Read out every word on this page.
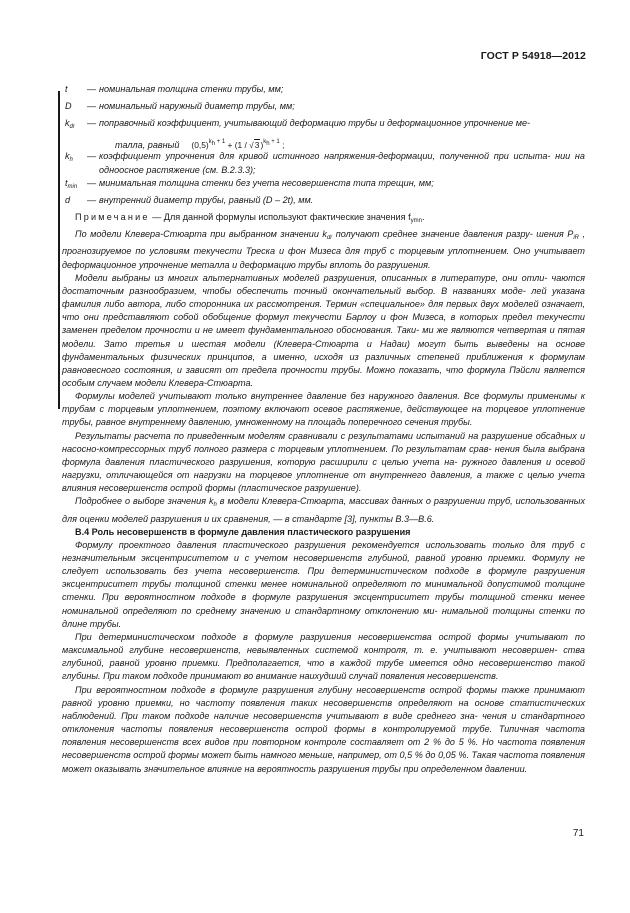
ГОСТ Р 54918—2012
t	— номинальная толщина стенки трубы, мм;
D	— номинальный наружный диаметр трубы, мм;
$k_{dr}$	— поправочный коэффициент, учитывающий деформацию трубы и деформационное упрочнение ме-
талла, равный $(0,5)^{k_h + 1} + (1 / √3)^{k_h + 1}$ ;
$k_h$	— коэффициент упрочнения для кривой истинного напряжения-деформации, полученной при испыта- нии на одноосное растяжение (см. В.2.3.3);
$t_{min}$	— минимальная толщина стенки без учета несовершенств типа трещин, мм;
d	— внутренний диаметр трубы, равный (D – 2t), мм.
Примечание — Для данной формулы используют фактические значения $f_{ymn}$.

По модели Клеверa-Стюарта при выбранном значении $k_{dr}$ получают среднее значение давления разру- шения $P_{iR}$ , прогнозируемое по условиям текучести Треска и фон Мизеса для труб с торцевым уплотнением. Оно учитывает деформационное упрочнение металла и деформацию трубы вплоть до разрушения.

Модели выбраны из многих альтернативных моделей разрушения, описанных в литературе, они отли- чаются достаточным разнообразием, чтобы обеспечить точный окончательный выбор. В названиях моде- лей указана фамилия либо автора, либо сторонника их рассмотрения. Термин «специальное» для первых двух моделей означает, что они представляют собой обобщение формул текучести Барлоу и фон Мизеса, в которых предел текучести заменен пределом прочности и не имеет фундаментального обоснования. Таки- ми же являются четвертая и пятая модели. Зато третья и шестая модели (Клевера-Стюарта и Надаи) могут быть выведены на основе фундаментальных физических принципов, а именно, исходя из различных степеней приближения к формулам равновесного состояния, и зависят от предела прочности трубы. Можно показать, что формула Пэйсли является особым случаем модели Клевера-Стюарта.

Формулы моделей учитывают только внутреннее давление без наружного давления. Все формулы применимы к трубам с торцевым уплотнением, поэтому включают осевое растяжение, действующее на торцевое уплотнение трубы, равное внутреннему давлению, умноженному на площадь поперечного сечения трубы.

Результаты расчета по приведенным моделям сравнивали с результатами испытаний на разрушение обсадных и насосно-компрессорных труб полного размера с торцевым уплотнением. По результатам срав- нения была выбрана формула давления пластического разрушения, которую расширили с целью учета на- ружного давления и осевой нагрузки, отличающейся от нагрузки на торцевое уплотнение от внутреннего давления, а также с целью учета влияния несовершенств острой формы (пластическое разрушение).

Подробнее о выборе значения $k_h$ в модели Клевера-Стюарта, массивах данных о разрушении труб, использованных для оценки моделей разрушения и их сравнения, — в стандарте [3], пункты В.3—В.6.

В.4 Роль несовершенств в формуле давления пластического разрушения

Формулу проектного давления пластического разрушения рекомендуется использовать только для труб с незначительным эксцентриситетом и с учетом несовершенств глубиной, равной уровню приемки. Формулу не следует использовать без учета несовершенств. При детерминистическом подходе в формуле разрушения эксцентриситет трубы толщиной стенки менее номинальной определяют по минимальной допустимой толщине стенки. При вероятностном подходе в формуле разрушения эксцентриситет трубы толщиной стенки менее номинальной определяют по среднему значению и стандартному отклонению ми- нимальной толщины стенки по длине трубы.

При детерминистическом подходе в формуле разрушения несовершенства острой формы учитывают по максимальной глубине несовершенств, невыявленных системой контроля, т. е. учитывают несовершен- ства глубиной, равной уровню приемки. Предполагается, что в каждой трубе имеется одно несовершенство такой глубины. При таком подходе принимают во внимание наихудший случай появления несовершенств.

При вероятностном подходе в формуле разрушения глубину несовершенств острой формы также принимают равной уровню приемки, но частоту появления таких несовершенств определяют на основе статистических наблюдений. При таком подходе наличие несовершенств учитывают в виде среднего зна- чения и стандартного отклонения частоты появления несовершенств острой формы в контролируемой трубе. Типичная частота появления несовершенств всех видов при повторном контроле составляет от 2 % до 5 %. Но частота появления несовершенств острой формы может быть намного меньше, например, от 0,5 % до 0,05 %. Такая частота появления может оказывать значительное влияние на вероятность разрушения трубы при определенном давлении.

71
